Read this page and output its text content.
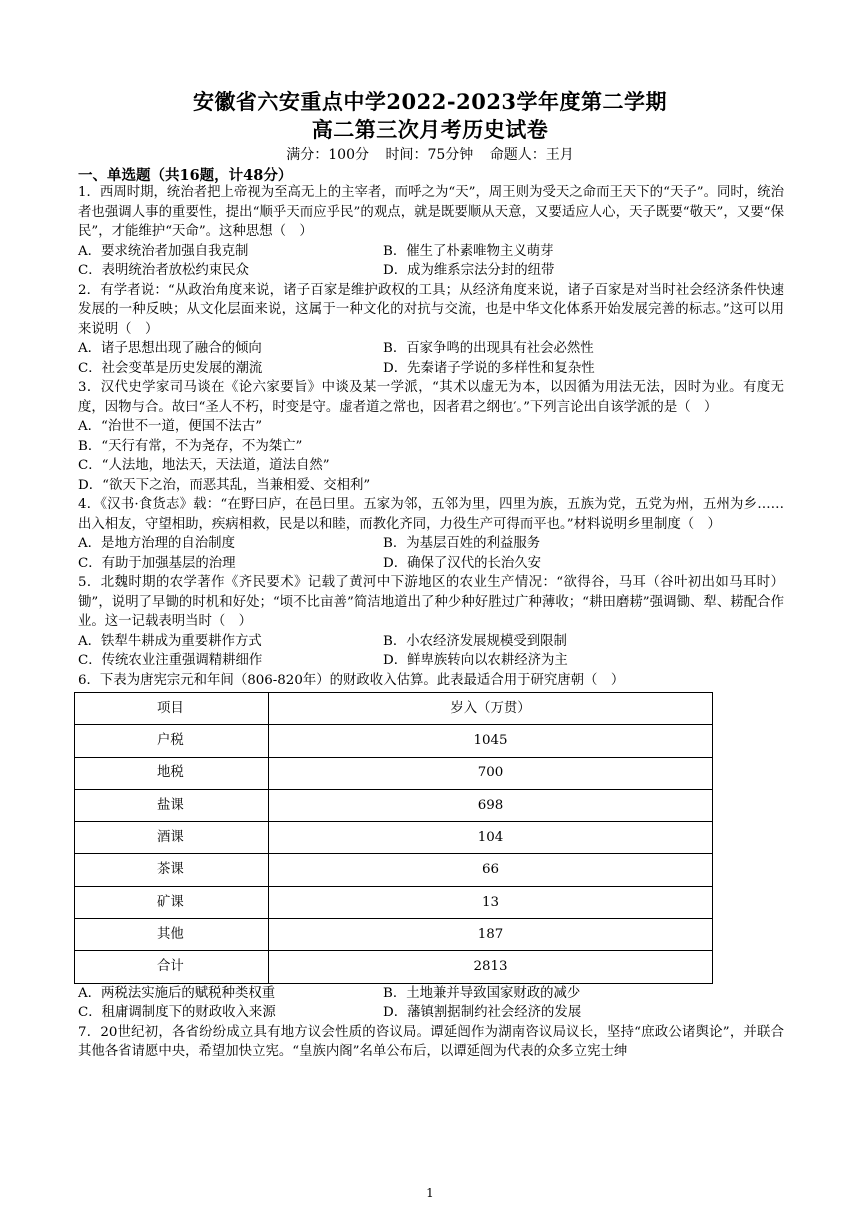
安徽省六安重点中学2022-2023学年度第二学期
高二第三次月考历史试卷
满分：100分 时间：75分钟 命题人：王月
一、单选题（共16题，计48分）

1．西周时期，统治者把上帝视为至高无上的主宰者，而呼之为“天”，周王则为受天之命而王天下的“天子”。同时，统治者也强调人事的重要性，提出“顺乎天而应乎民”的观点，就是既要顺从天意，又要适应人心，天子既要“敬天”，又要“保民”，才能维护“天命”。这种思想（　）

A．要求统治者加强自我克制	B．催生了朴素唯物主义萌芽
C．表明统治者放松约束民众	D．成为维系宗法分封的纽带

2．有学者说：“从政治角度来说，诸子百家是维护政权的工具；从经济角度来说，诸子百家是对当时社会经济条件快速发展的一种反映；从文化层面来说，这属于一种文化的对抗与交流，也是中华文化体系开始发展完善的标志。”这可以用来说明（　）

A．诸子思想出现了融合的倾向	B．百家争鸣的出现具有社会必然性
C．社会变革是历史发展的潮流	D．先秦诸子学说的多样性和复杂性

3．汉代史学家司马谈在《论六家要旨》中谈及某一学派，“其术以虚无为本，以因循为用法无法，因时为业。有度无度，因物与合。故曰“圣人不朽，时变是守。虚者道之常也，因者君之纲也′。”下列言论出自该学派的是（　）

A．“治世不一道，便国不法古”
B．“天行有常，不为尧存，不为桀亡”
C．“人法地，地法天，天法道，道法自然”
D．“欲天下之治，而恶其乱，当兼相爱、交相利”

4．《汉书·食货志》载：“在野曰庐，在邑曰里。五家为邻，五邻为里，四里为族，五族为党，五党为州，五州为乡……出入相友，守望相助，疾病相救，民是以和睦，而教化齐同，力役生产可得而平也。”材料说明乡里制度（　）

A．是地方治理的自治制度	B．为基层百姓的利益服务
C．有助于加强基层的治理	D．确保了汉代的长治久安

5．北魏时期的农学著作《齐民要术》记载了黄河中下游地区的农业生产情况：“欲得谷，马耳（谷叶初出如马耳时）锄”，说明了早锄的时机和好处；“顷不比亩善”简洁地道出了种少种好胜过广种薄收；“耕田磨耢”强调锄、犁、耢配合作业。这一记载表明当时（　）

A．铁犁牛耕成为重要耕作方式	B．小农经济发展规模受到限制
C．传统农业注重强调精耕细作	D．鲜卑族转向以农耕经济为主

6．下表为唐宪宗元和年间（806-820年）的财政收入估算。此表最适合用于研究唐朝（　）

项目	岁入（万贯）
户税	1045
地税	700
盐课	698
酒课	104
茶课	66
矿课	13
其他	187
合计	2813
A．两税法实施后的赋税种类权重	B．土地兼并导致国家财政的减少
C．租庸调制度下的财政收入来源	D．藩镇割据制约社会经济的发展

7．20世纪初，各省纷纷成立具有地方议会性质的咨议局。谭延闿作为湖南咨议局议长，坚持“庶政公诸舆论”，并联合其他各省请愿中央，希望加快立宪。“皇族内阁”名单公布后，以谭延闿为代表的众多立宪士绅

1
